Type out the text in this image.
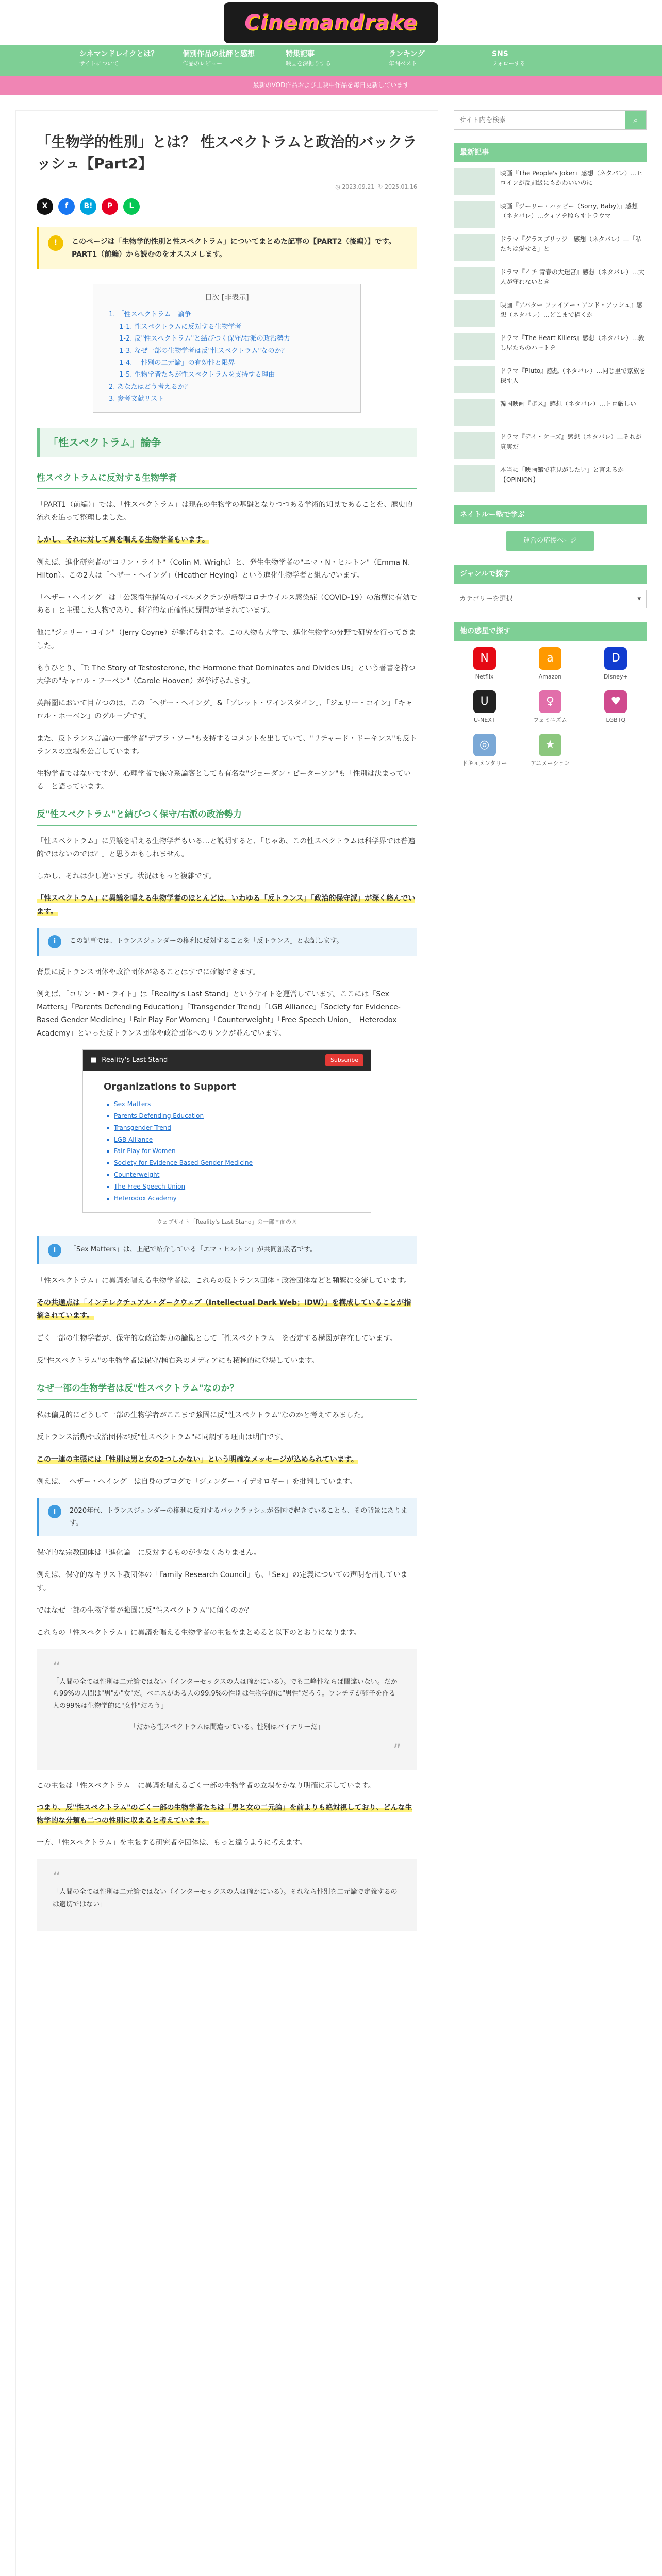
Cinemandrake
シネマンドレイクとは？
サイトについて
個別作品の批評と感想
作品のレビュー
特集記事
映画を深掘りする
ランキング
年間ベスト
SNS
フォローする
最新のVOD作品および上映中作品を毎日更新しています
「生物学的性別」とは？ 性スペクトラムと政治的バックラッシュ【Part2】
◷ 2023.09.21 ↻ 2025.01.16
X	f	B!	P	L
!	このページは「生物学的性別と性スペクトラム」についてまとめた記事の【PART2（後編）】です。PART1（前編）から読むのをオススメします。
目次 [非表示]
1. 「性スペクトラム」論争
1-1. 性スペクトラムに反対する生物学者
1-2. 反"性スペクトラム"と結びつく保守/右派の政治勢力
1-3. なぜ一部の生物学者は反"性スペクトラム"なのか？
1-4. 「性別の二元論」の有効性と限界
1-5. 生物学者たちが性スペクトラムを支持する理由
2. あなたはどう考えるか？
3. 参考文献リスト
「性スペクトラム」論争
性スペクトラムに反対する生物学者

「PART1（前編）」では、「性スペクトラム」は現在の生物学の基盤となりつつある学術的知見であることを、歴史的流れを追って整理しました。

しかし、それに対して異を唱える生物学者もいます。

例えば、進化研究者の"コリン・ライト"（Colin M. Wright）と、発生生物学者の"エマ・N・ヒルトン"（Emma N. Hilton）。この2人は「ヘザー・ヘイング」（Heather Heying）という進化生物学者と組んでいます。

「ヘザー・ヘイング」は「公衆衛生措置のイベルメクチンが新型コロナウイルス感染症（COVID-19）の治療に有効である」と主張した人物であり、科学的な正確性に疑問が呈されています。

他に"ジェリー・コイン"（Jerry Coyne）が挙げられます。この人物も大学で、進化生物学の分野で研究を行ってきました。

もうひとり、「T: The Story of Testosterone, the Hormone that Dominates and Divides Us」という著書を持つ大学の"キャロル・フーベン"（Carole Hooven）が挙げられます。

英語圏において目立つのは、この「ヘザー・ヘイング」&「ブレット・ワインスタイン」、「ジェリー・コイン」「キャロル・ホーベン」のグループです。

また、反トランス言論の一部学者"デブラ・ソー"も支持するコメントを出していて、"リチャード・ドーキンス"も反トランスの立場を公言しています。

生物学者ではないですが、心理学者で保守系論客としても有名な"ジョーダン・ピーターソン"も「性別は決まっている」と語っています。

反"性スペクトラム"と結びつく保守/右派の政治勢力

「性スペクトラム」に異議を唱える生物学者もいる…と説明すると、「じゃあ、この性スペクトラムは科学界では普遍的ではないのでは？」と思うかもしれません。

しかし、それは少し違います。状況はもっと複雑です。

「性スペクトラム」に異議を唱える生物学者のほとんどは、いわゆる「反トランス」「政治的保守派」が深く絡んでいます。

i	この記事では、トランスジェンダーの権利に反対することを「反トランス」と表記します。

背景に反トランス団体や政治団体があることはすでに確認できます。

例えば、「コリン・M・ライト」は「Reality's Last Stand」というサイトを運営しています。ここには「Sex Matters」「Parents Defending Education」「Transgender Trend」「LGB Alliance」「Society for Evidence-Based Gender Medicine」「Fair Play For Women」「Counterweight」「Free Speech Union」「Heterodox Academy」といった反トランス団体や政治団体へのリンクが並んでいます。

■ Reality's Last Stand	Subscribe
Organizations to Support
▪ Sex Matters
▪ Parents Defending Education
▪ Transgender Trend
▪ LGB Alliance
▪ Fair Play for Women
▪ Society for Evidence-Based Gender Medicine
▪ Counterweight
▪ The Free Speech Union
▪ Heterodox Academy
ウェブサイト「Reality's Last Stand」の一部画面の図
i	「Sex Matters」は、上記で紹介している「エマ・ヒルトン」が共同創設者です。

「性スペクトラム」に異議を唱える生物学者は、これらの反トランス団体・政治団体などと頻繁に交流しています。

その共通点は「インテレクチュアル・ダークウェブ（Intellectual Dark Web；IDW）」を構成していることが指摘されています。

ごく一部の生物学者が、保守的な政治勢力の論拠として「性スペクトラム」を否定する構図が存在しています。

反"性スペクトラム"の生物学者は保守/極右系のメディアにも積極的に登場しています。

なぜ一部の生物学者は反"性スペクトラム"なのか？

私は偏見的にどうして一部の生物学者がここまで強固に反"性スペクトラム"なのかと考えてみました。

反トランス活動や政治団体が反"性スペクトラム"に同調する理由は明白です。

この一連の主張には「性別は男と女の2つしかない」という明確なメッセージが込められています。

例えば、「ヘザー・ヘイング」は自身のブログで「ジェンダー・イデオロギー」を批判しています。

i	2020年代、トランスジェンダーの権利に反対するバックラッシュが各国で起きていることも、その背景にあります。

保守的な宗教団体は「進化論」に反対するものが少なくありません。

例えば、保守的なキリスト教団体の「Family Research Council」も、「Sex」の定義についての声明を出しています。

ではなぜ一部の生物学者が強固に反"性スペクトラム"に傾くのか？

これらの「性スペクトラム」に異議を唱える生物学者の主張をまとめると以下のとおりになります。

“

「人間の全ては性別は二元論ではない（インターセックスの人は確かにいる）。でも二峰性ならば間違いない。だから99%の人間は"男"か"女"だ。ペニスがある人の99.9%の性別は生物学的に"男性"だろう。ワンチテが卵子を作る人の99%は生物学的に"女性"だろう」

「だから性スペクトラムは間違っている。性別はバイナリーだ」

”

この主張は「性スペクトラム」に異議を唱えるごく一部の生物学者の立場をかなり明確に示しています。

つまり、反"性スペクトラム"のごく一部の生物学者たちは「男と女の二元論」を前よりも絶対視しており、どんな生物学的な分類も二つの性別に収まると考えています。

一方、「性スペクトラム」を主張する研究者や団体は、もっと違うように考えます。

“

「人間の全ては性別は二元論ではない（インターセックスの人は確かにいる）。それなら性別を二元論で定義するのは適切ではない」

サイト内を検索
⌕
最新記事
映画『The People's Joker』感想（ネタバレ）…ヒロインが反則級にもかわいいのに
映画『ジーリー・ハッピー（Sorry, Baby）』感想（ネタバレ）…クィアを照らすトラウマ
ドラマ『グラスブリッジ』感想（ネタバレ）…「私たちは愛せる」と
ドラマ『イチ 青春の大迷宮』感想（ネタバレ）…大人が守れないとき
映画『アバター ファイアー・アンド・アッシュ』感想（ネタバレ）…どこまで描くか
ドラマ『The Heart Killers』感想（ネタバレ）…殺し屋たちのハートを
ドラマ『Pluto』感想（ネタバレ）…同じ里で家族を探す人
韓国映画『ボス』感想（ネタバレ）…トロ厳しい
ドラマ『デイ・ケーズ』感想（ネタバレ）…それが真実だ
本当に「映画館で花見がしたい」と言えるか【OPINION】
ネイトルー塾で学ぶ
運営の応援ページ
ジャンルで探す
カテゴリーを選択	▾
他の惑星で探す
N
Netflix
a
Amazon
D
Disney+
U
U-NEXT
♀
フェミニズム
♥
LGBTQ
◎
ドキュメンタリー
★
アニメーション
